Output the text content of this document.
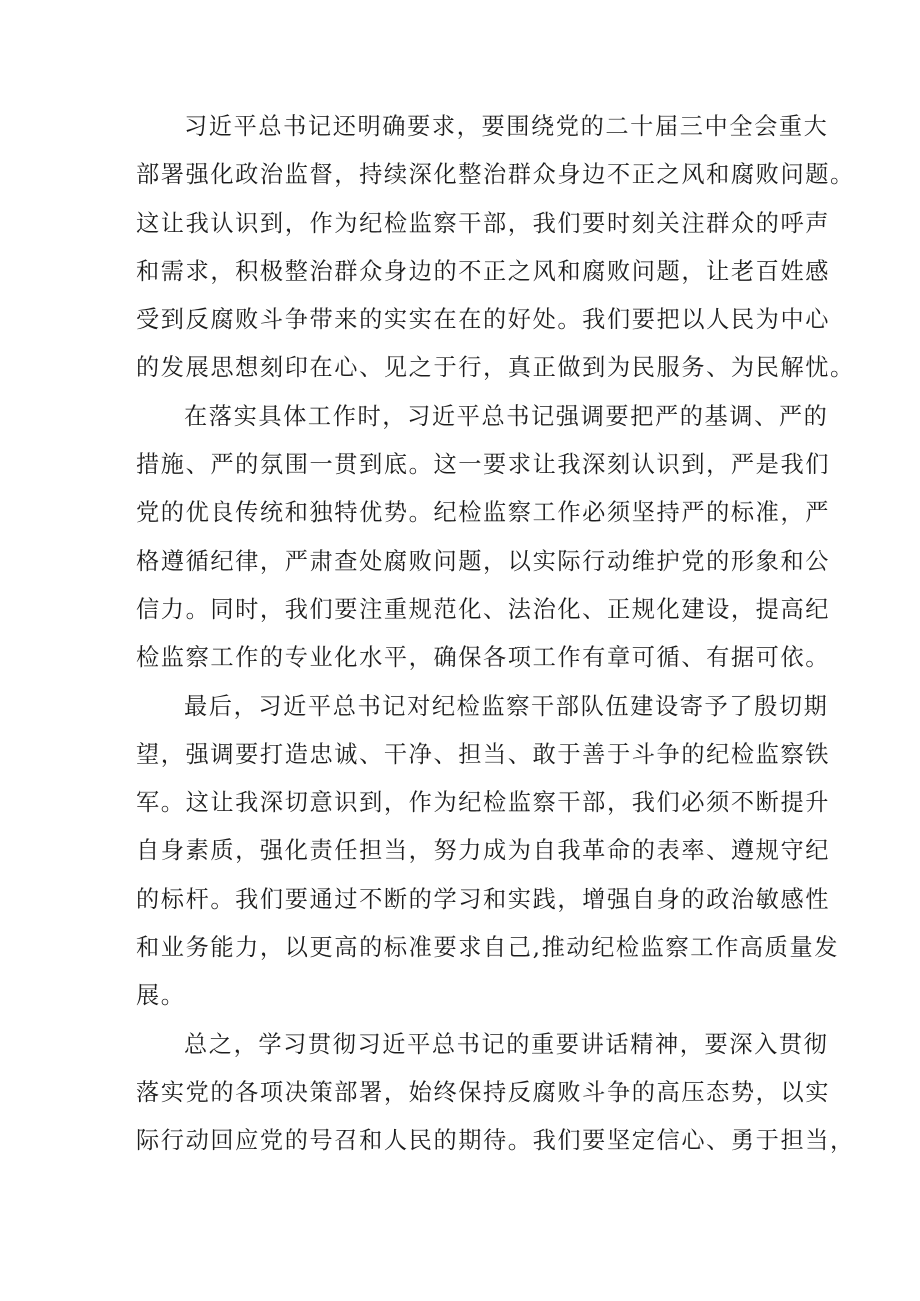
习近平总书记还明确要求，要围绕党的二十届三中全会重大
部署强化政治监督，持续深化整治群众身边不正之风和腐败问题。
这让我认识到，作为纪检监察干部，我们要时刻关注群众的呼声
和需求，积极整治群众身边的不正之风和腐败问题，让老百姓感
受到反腐败斗争带来的实实在在的好处。我们要把以人民为中心
的发展思想刻印在心、见之于行，真正做到为民服务、为民解忧。
在落实具体工作时，习近平总书记强调要把严的基调、严的
措施、严的氛围一贯到底。这一要求让我深刻认识到，严是我们
党的优良传统和独特优势。纪检监察工作必须坚持严的标准，严
格遵循纪律，严肃查处腐败问题，以实际行动维护党的形象和公
信力。同时，我们要注重规范化、法治化、正规化建设，提高纪
检监察工作的专业化水平，确保各项工作有章可循、有据可依。
最后，习近平总书记对纪检监察干部队伍建设寄予了殷切期
望，强调要打造忠诚、干净、担当、敢于善于斗争的纪检监察铁
军。这让我深切意识到，作为纪检监察干部，我们必须不断提升
自身素质，强化责任担当，努力成为自我革命的表率、遵规守纪
的标杆。我们要通过不断的学习和实践，增强自身的政治敏感性
和业务能力，以更高的标准要求自己,推动纪检监察工作高质量发
展。
总之，学习贯彻习近平总书记的重要讲话精神，要深入贯彻
落实党的各项决策部署，始终保持反腐败斗争的高压态势，以实
际行动回应党的号召和人民的期待。我们要坚定信心、勇于担当，
